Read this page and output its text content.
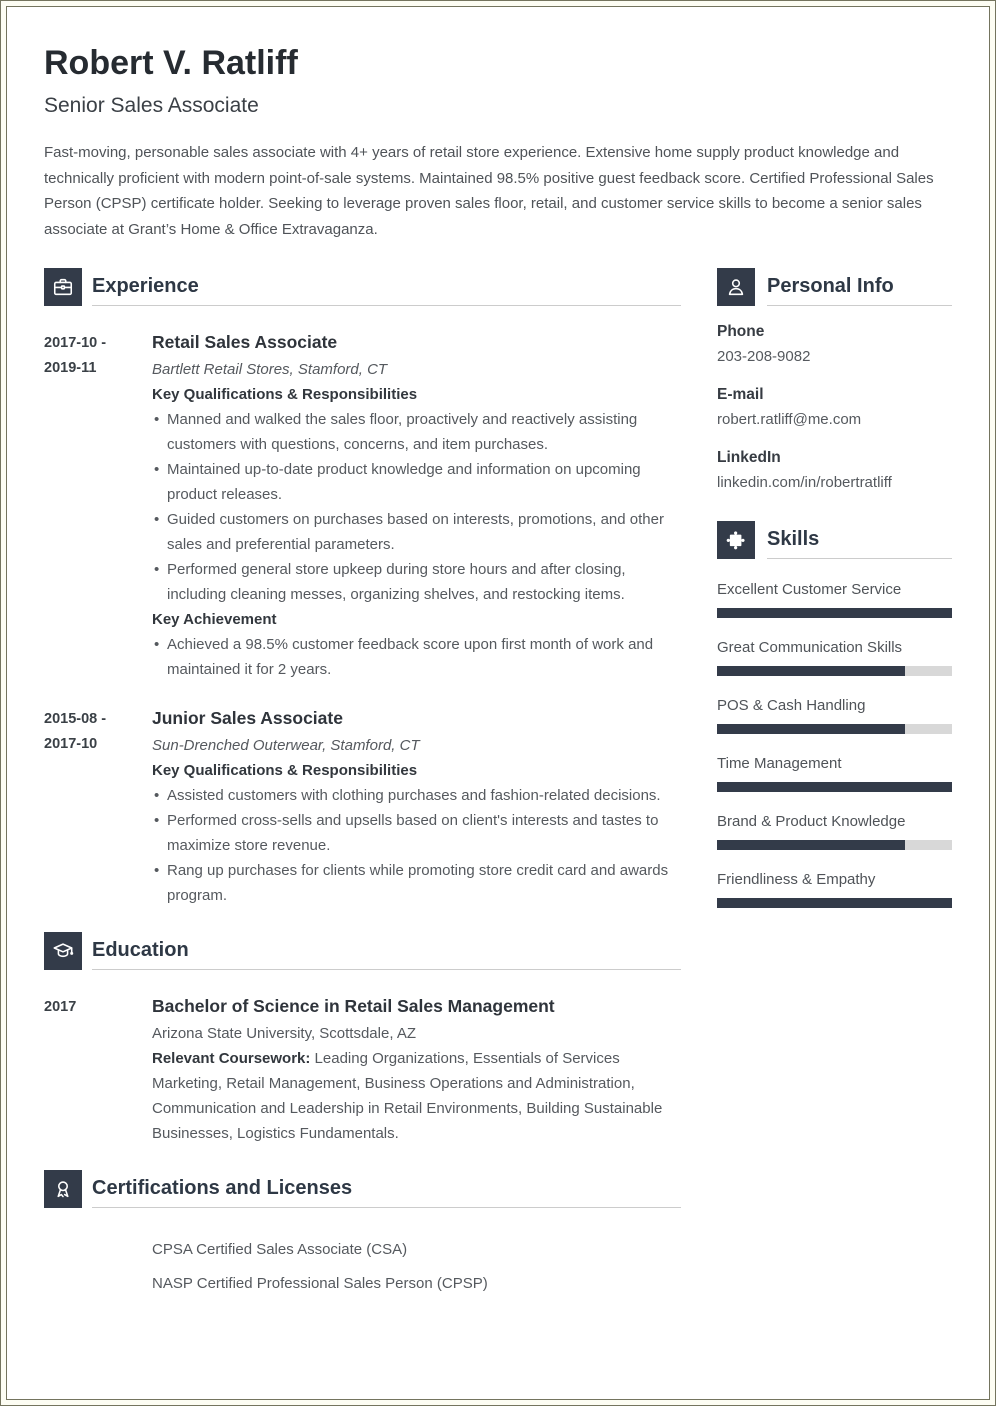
Robert V. Ratliff
Senior Sales Associate
Fast-moving, personable sales associate with 4+ years of retail store experience. Extensive home supply product knowledge and technically proficient with modern point-of-sale systems. Maintained 98.5% positive guest feedback score. Certified Professional Sales Person (CPSP) certificate holder. Seeking to leverage proven sales floor, retail, and customer service skills to become a senior sales associate at Grant’s Home & Office Extravaganza.
Experience
2017-10 -
2019-11
Retail Sales Associate
Bartlett Retail Stores, Stamford, CT
Key Qualifications & Responsibilities
• Manned and walked the sales floor, proactively and reactively assisting customers with questions, concerns, and item purchases.
• Maintained up-to-date product knowledge and information on upcoming product releases.
• Guided customers on purchases based on interests, promotions, and other sales and preferential parameters.
• Performed general store upkeep during store hours and after closing, including cleaning messes, organizing shelves, and restocking items.
Key Achievement
• Achieved a 98.5% customer feedback score upon first month of work and maintained it for 2 years.
2015-08 -
2017-10
Junior Sales Associate
Sun-Drenched Outerwear, Stamford, CT
Key Qualifications & Responsibilities
• Assisted customers with clothing purchases and fashion-related decisions.
• Performed cross-sells and upsells based on client's interests and tastes to maximize store revenue.
• Rang up purchases for clients while promoting store credit card and awards program.
Education
2017	Bachelor of Science in Retail Sales Management
Arizona State University, Scottsdale, AZ
Relevant Coursework: Leading Organizations, Essentials of Services Marketing, Retail Management, Business Operations and Administration, Communication and Leadership in Retail Environments, Building Sustainable Businesses, Logistics Fundamentals.
Certifications and Licenses
CPSA Certified Sales Associate (CSA)
NASP Certified Professional Sales Person (CPSP)
Personal Info
Phone
203-208-9082
E-mail
robert.ratliff@me.com
LinkedIn
linkedin.com/in/robertratliff
Skills
Excellent Customer Service
Great Communication Skills
POS & Cash Handling
Time Management
Brand & Product Knowledge
Friendliness & Empathy
